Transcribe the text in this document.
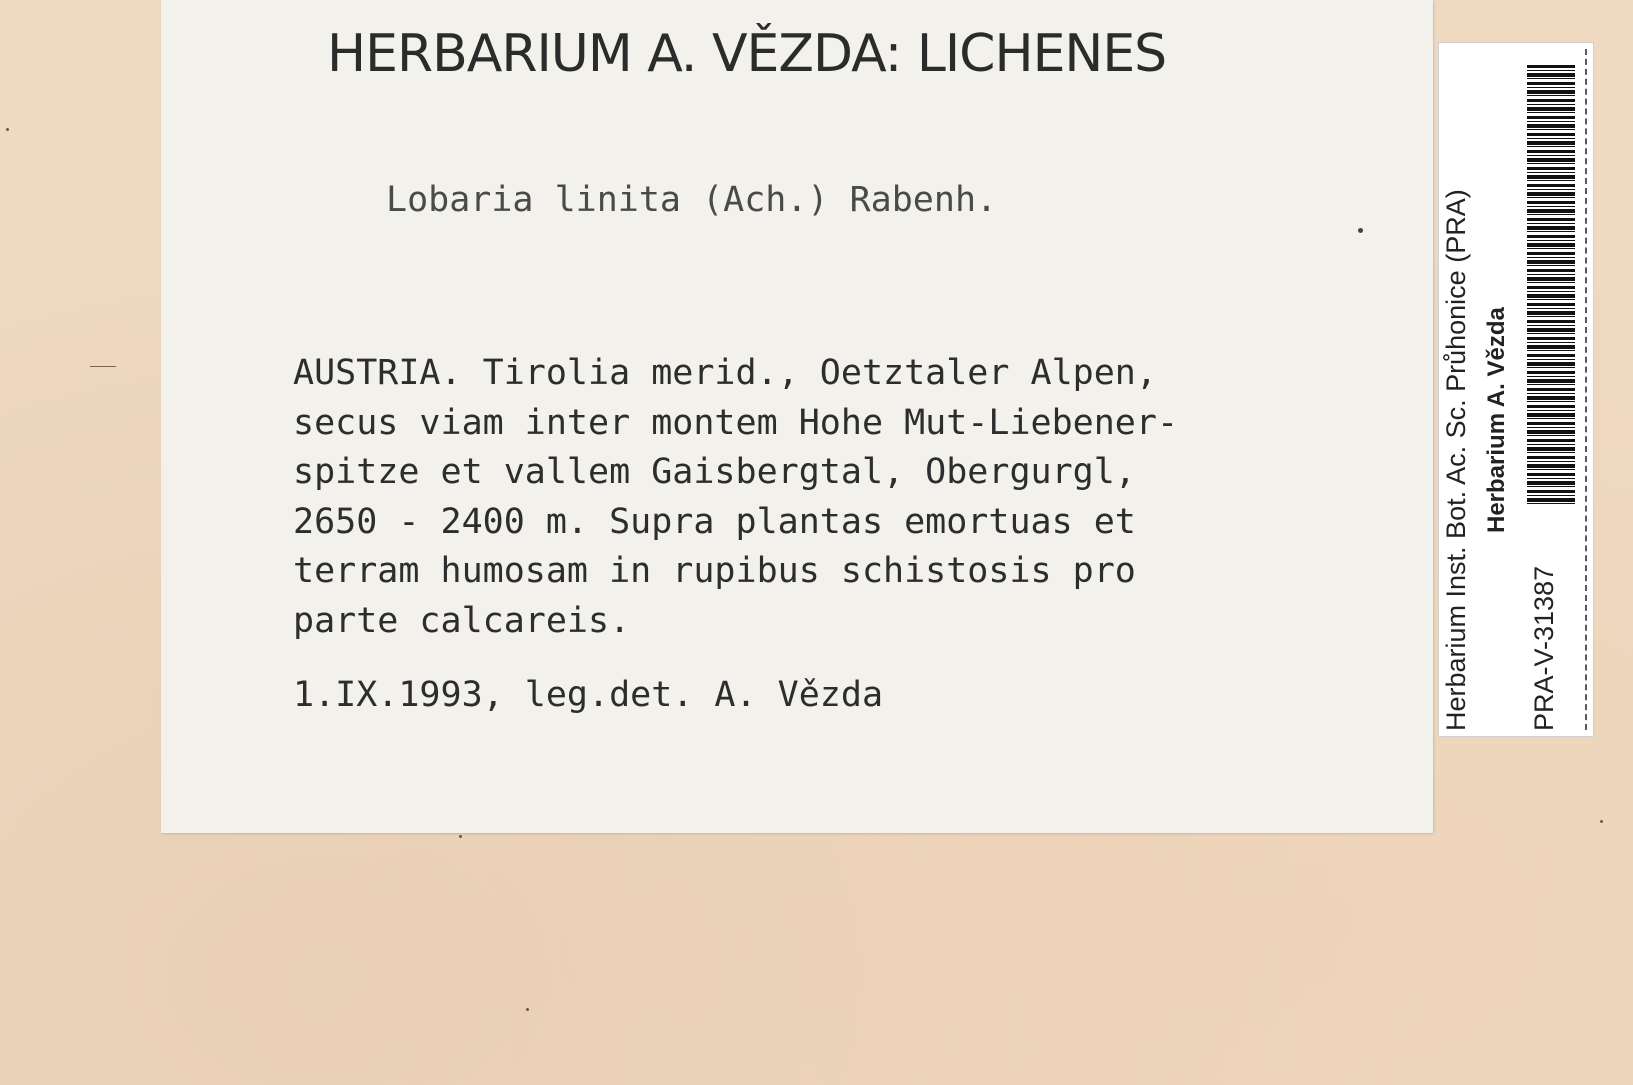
HERBARIUM A. VĚZDA: LICHENES
Lobaria linita (Ach.) Rabenh.
AUSTRIA. Tirolia merid., Oetztaler Alpen,
secus viam inter montem Hohe Mut-Liebener-
spitze et vallem Gaisbergtal, Obergurgl,
2650 - 2400 m. Supra plantas emortuas et
terram humosam in rupibus schistosis pro
parte calcareis.
1.IX.1993, leg.det. A. Vězda	Herbarium Inst. Bot. Ac. Sc. Průhonice (PRA) Herbarium A. Vězda
PRA-V-31387
